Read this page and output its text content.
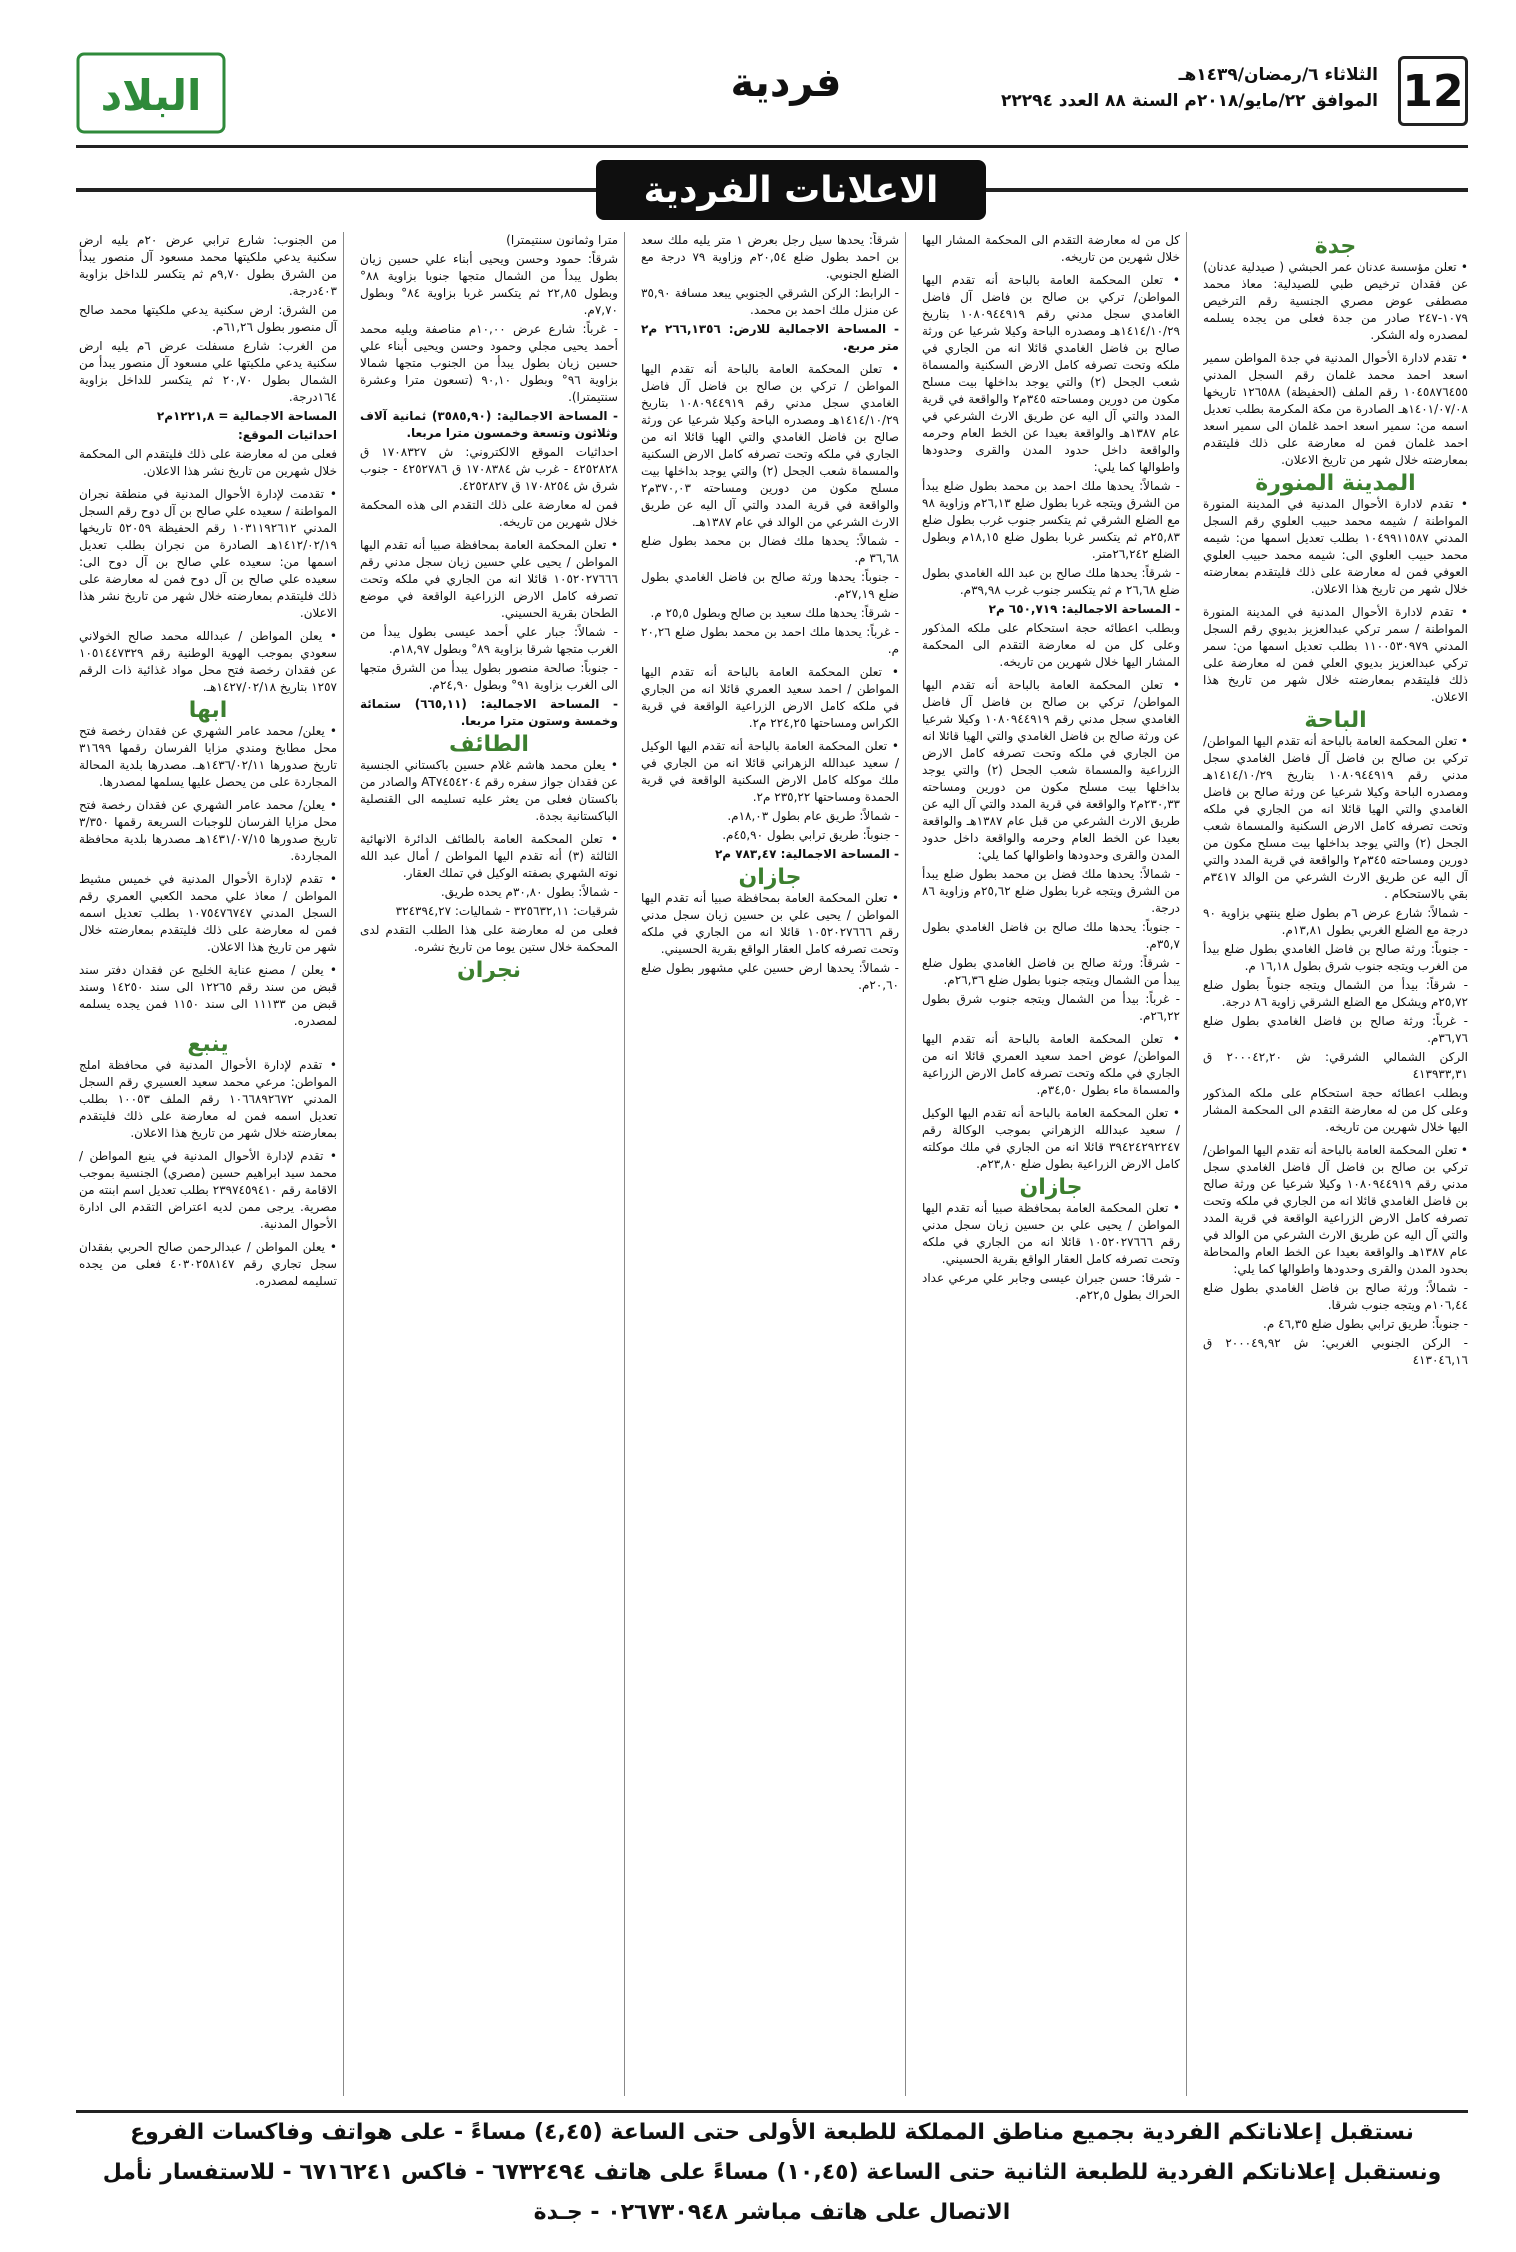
12
الثلاثاء ٦/رمضان/١٤٣٩هـ
الموافق ٢٢/مايو/٢٠١٨م السنة ٨٨ العدد ٢٢٢٩٤
فردية
البلاد
الاعلانات الفردية
جدة

• تعلن مؤسسة عدنان عمر الحبشي ( صيدلية عدنان) عن فقدان ترخيص طبي للصيدلية: معاذ محمد مصطفى عوض مصري الجنسية رقم الترخيص ١٠٧٩-٢٤٧ صادر من جدة فعلى من يجده يسلمه لمصدره وله الشكر.

• تقدم لادارة الأحوال المدنية في جدة المواطن سمير اسعد احمد محمد غلمان رقم السجل المدني ١٠٤٥٨٧٦٤٥٥ رقم الملف (الحفيظة) ١٢٦٥٨٨ تاريخها ١٤٠١/٠٧/٠٨هـ الصادرة من مكة المكرمة بطلب تعديل اسمه من: سمير اسعد احمد غلمان الى سمير اسعد احمد غلمان فمن له معارضة على ذلك فليتقدم بمعارضته خلال شهر من تاريخ الاعلان.

المدينة المنورة

• تقدم لادارة الأحوال المدنية في المدينة المنورة المواطنة / شيمه محمد حبيب العلوي رقم السجل المدني ١٠٤٩٩١١٥٨٧ بطلب تعديل اسمها من: شيمه محمد حبيب العلوي الى: شيمه محمد حبيب العلوي العوفي فمن له معارضة على ذلك فليتقدم بمعارضته خلال شهر من تاريخ هذا الاعلان.

• تقدم لادارة الأحوال المدنية في المدينة المنورة المواطنة / سمر تركي عبدالعزيز بديوي رقم السجل المدني ١١٠٠٥٣٠٩٧٩ بطلب تعديل اسمها من: سمر تركي عبدالعزيز بديوي العلي فمن له معارضة على ذلك فليتقدم بمعارضته خلال شهر من تاريخ هذا الاعلان.

الباحة

• تعلن المحكمة العامة بالباحة أنه تقدم اليها المواطن/ تركي بن صالح بن فاضل آل فاضل الغامدي سجل مدني رقم ١٠٨٠٩٤٤٩١٩ بتاريخ ١٤١٤/١٠/٢٩هـ ومصدره الباحة وكيلا شرعيا عن ورثة صالح بن فاضل الغامدي والتي الهيا قائلا انه من الجاري في ملكه وتحت تصرفه كامل الارض السكنية والمسماة شعب الجحل (٢) والتي يوجد بداخلها بيت مسلح مكون من دورين ومساحته ٣٤٥م٢ والواقعة في قرية المدد والتي آل اليه عن طريق الارث الشرعي من الوالد ٣٤١٧م بقي بالاستحكام .

- شمالاً: شارع عرض ٦م بطول ضلع ينتهي بزاوية ٩٠ درجة مع الضلع الغربي بطول ١٣,٨١م.

- جنوباً: ورثة صالح بن فاضل الغامدي بطول ضلع بيدأ من الغرب ويتجه جنوب شرق بطول ١٦,١٨ م.

- شرقاً: بيدأ من الشمال ويتجه جنوباً بطول ضلع ٢٥,٧٢م ويشكل مع الضلع الشرقي زاوية ٨٦ درجة.

- غرباً: ورثة صالح بن فاضل الغامدي بطول ضلع ٣٦,٧٦م.

الركن الشمالي الشرقي: ش ٢٠٠٠٤٢,٢٠ ق ٤١٣٩٣٣,٣١

وبطلب اعطائه حجة استحكام على ملكه المذكور وعلى كل من له معارضة التقدم الى المحكمة المشار اليها خلال شهرين من تاريخه.

• تعلن المحكمة العامة بالباحة أنه تقدم اليها المواطن/ تركي بن صالح بن فاضل آل فاضل الغامدي سجل مدني رقم ١٠٨٠٩٤٤٩١٩ وكيلا شرعيا عن ورثة صالح بن فاضل الغامدي قائلا انه من الجاري في ملكه وتحت تصرفه كامل الارض الزراعية الواقعة في قرية المدد والتي آل اليه عن طريق الارث الشرعي من الوالد في عام ١٣٨٧هـ والواقعة بعيدا عن الخط العام والمحاطة بحدود المدن والقرى وحدودها واطوالها كما يلي:

- شمالاً: ورثة صالح بن فاضل الغامدي بطول ضلع ١٠٦,٤٤م ويتجه جنوب شرقا.

- جنوباً: طريق ترابي بطول ضلع ٤٦,٣٥ م.

- الركن الجنوبي الغربي: ش ٢٠٠٠٤٩,٩٢ ق ٤١٣٠٤٦,١٦

كل من له معارضة التقدم الى المحكمة المشار اليها خلال شهرين من تاريخه.

• تعلن المحكمة العامة بالباحة أنه تقدم اليها المواطن/ تركي بن صالح بن فاضل آل فاضل الغامدي سجل مدني رقم ١٠٨٠٩٤٤٩١٩ بتاريخ ١٤١٤/١٠/٢٩هـ ومصدره الباحة وكيلا شرعيا عن ورثة صالح بن فاضل الغامدي قائلا انه من الجاري في ملكه وتحت تصرفه كامل الارض السكنية والمسماة شعب الجحل (٢) والتي يوجد بداخلها بيت مسلح مكون من دورين ومساحته ٣٤٥م٢ والواقعة في قرية المدد والتي آل اليه عن طريق الارث الشرعي في عام ١٣٨٧هـ والواقعة بعيدا عن الخط العام وحرمه والواقعة داخل حدود المدن والقرى وحدودها واطوالها كما يلي:

- شمالاً: يحدها ملك احمد بن محمد بطول ضلع يبدأ من الشرق ويتجه غربا بطول ضلع ٢٦,١٣م وزاوية ٩٨ مع الضلع الشرقي ثم يتكسر جنوب غرب بطول ضلع ٢٥,٨٣م ثم يتكسر غربا بطول ضلع ١٨,١٥م وبطول الضلع ٢٦,٢٤٢متر.

- شرقاً: يحدها ملك صالح بن عبد الله الغامدي بطول ضلع ٢٦,٦٨ م ثم يتكسر جنوب غرب ٣٩,٩٨م.

- المساحة الاجمالية: ٦٥٠,٧١٩ م٢

وبطلب اعطائه حجة استحكام على ملكه المذكور وعلى كل من له معارضة التقدم الى المحكمة المشار اليها خلال شهرين من تاريخه.

• تعلن المحكمة العامة بالباحة أنه تقدم اليها المواطن/ تركي بن صالح بن فاضل آل فاضل الغامدي سجل مدني رقم ١٠٨٠٩٤٤٩١٩ وكيلا شرعيا عن ورثة صالح بن فاضل الغامدي والتي الهيا قائلا انه من الجاري في ملكه وتحت تصرفه كامل الارض الزراعية والمسماة شعب الجحل (٢) والتي يوجد بداخلها بيت مسلح مكون من دورين ومساحته ٢٣٠,٣٣م٢ والواقعة في قرية المدد والتي آل اليه عن طريق الارث الشرعي من قبل عام ١٣٨٧هـ والواقعة بعيدا عن الخط العام وحرمه والواقعة داخل حدود المدن والقرى وحدودها واطوالها كما يلي:

- شمالاً: يحدها ملك فضل بن محمد بطول ضلع يبدأ من الشرق ويتجه غربا بطول ضلع ٢٥,٦٢م وزاوية ٨٦ درجة.

- جنوباً: يحدها ملك صالح بن فاضل الغامدي بطول ٣٥,٧م.

- شرقاً: ورثة صالح بن فاضل الغامدي بطول ضلع يبدأ من الشمال ويتجه جنوبا بطول ضلع ٢٦,٣٦م.

- غرباً: بيدأ من الشمال ويتجه جنوب شرق بطول ٢٦,٢٢م.

• تعلن المحكمة العامة بالباحة أنه تقدم اليها المواطن/ عوض احمد سعيد العمري قائلا انه من الجاري في ملكه وتحت تصرفه كامل الارض الزراعية والمسماة ماء بطول ٣٤,٥٠م.

• تعلن المحكمة العامة بالباحة أنه تقدم اليها الوكيل / سعيد عبدالله الزهراني بموجب الوكالة رقم ٣٩٤٢٤٢٩٢٢٤٧ قائلا انه من الجاري في ملك موكلته كامل الارض الزراعية بطول ضلع ٢٣,٨٠م.

جازان

• تعلن المحكمة العامة بمحافظة صبيا أنه تقدم اليها المواطن / يحيى علي بن حسين زيان سجل مدني رقم ١٠٥٢٠٢٧٦٦٦ قائلا انه من الجاري في ملكه وتحت تصرفه كامل العقار الواقع بقرية الحسيني.

- شرقا: حسن جبران عيسى وجابر علي مرعي عداد الحراك بطول ٢٢,٥م.

شرقاً: يحدها سيل رجل بعرض ١ متر يليه ملك سعد بن احمد بطول ضلع ٢٠,٥٤م وزاوية ٧٩ درجة مع الضلع الجنوبي.

- الرابط: الركن الشرقي الجنوبي يبعد مسافة ٣٥,٩٠ عن منزل ملك احمد بن محمد.

- المساحة الاجمالية للارض: ٢٦٦,١٣٥٦ م٢ متر مربع.

• تعلن المحكمة العامة بالباحة أنه تقدم اليها المواطن / تركي بن صالح بن فاضل آل فاضل الغامدي سجل مدني رقم ١٠٨٠٩٤٤٩١٩ بتاريخ ١٤١٤/١٠/٢٩هـ ومصدره الباحة وكيلا شرعيا عن ورثة صالح بن فاضل الغامدي والتي الهيا قائلا انه من الجاري في ملكه وتحت تصرفه كامل الارض السكنية والمسماة شعب الجحل (٢) والتي يوجد بداخلها بيت مسلح مكون من دورين ومساحته ٣٧٠,٠٣م٢ والواقعة في قرية المدد والتي آل اليه عن طريق الارث الشرعي من الوالد في عام ١٣٨٧هـ.

- شمالاً: يحدها ملك فضال بن محمد بطول ضلع ٣٦,٦٨ م.

- جنوباً: يحدها ورثة صالح بن فاضل الغامدي بطول ضلع ٢٧,١٩م.

- شرقاً: يحدها ملك سعيد بن صالح وبطول ٢٥,٥ م.

- غرباً: يحدها ملك احمد بن محمد بطول ضلع ٢٠,٢٦ م.

• تعلن المحكمة العامة بالباحة أنه تقدم اليها المواطن / احمد سعيد العمري قائلا انه من الجاري في ملكه كامل الارض الزراعية الواقعة في قرية الكراس ومساحتها ٢٢٤,٢٥ م٢.

• تعلن المحكمة العامة بالباحة أنه تقدم اليها الوكيل / سعيد عبدالله الزهراني قائلا انه من الجاري في ملك موكله كامل الارض السكنية الواقعة في قرية الحمدة ومساحتها ٢٣٥,٢٢ م٢.

- شمالاً: طريق عام بطول ١٨,٠٣م.

- جنوباً: طريق ترابي بطول ٤٥,٩٠م.

- المساحة الاجمالية: ٧٨٣,٤٧ م٢

جازان

• تعلن المحكمة العامة بمحافظة صبيا أنه تقدم اليها المواطن / يحيى علي بن حسين زيان سجل مدني رقم ١٠٥٢٠٢٧٦٦٦ قائلا انه من الجاري في ملكه وتحت تصرفه كامل العقار الواقع بقرية الحسيني.

- شمالاً: يحدها ارض حسين علي مشهور بطول ضلع ٢٠,٦٠م.

مترا وثمانون سنتيمترا)

شرقاً: حمود وحسن ويحيى أبناء علي حسين زيان بطول يبدأ من الشمال متجها جنوبا بزاوية ٨٨° وبطول ٢٢,٨٥ ثم يتكسر غربا بزاوية ٨٤° وبطول ٧,٧٠م.

- غرباً: شارع عرض ١٠,٠٠م مناصفة ويليه محمد أحمد يحيى مجلي وحمود وحسن ويحيى أبناء علي حسين زيان بطول يبدأ من الجنوب متجها شمالا بزاوية ٩٦° وبطول ٩٠,١٠ (تسعون مترا وعشرة سنتيمترا).

- المساحة الاجمالية: (٣٥٨٥,٩٠) ثمانية آلاف وثلاثون وتسعة وخمسون مترا مربعا.

احداثيات الموقع الالكتروني: ش ١٧٠٨٣٢٧ ق ٤٢٥٢٨٢٨ - غرب ش ١٧٠٨٣٨٤ ق ٤٢٥٢٧٨٦ - جنوب شرق ش ١٧٠٨٢٥٤ ق ٤٢٥٢٨٢٧.

فمن له معارضة على ذلك التقدم الى هذه المحكمة خلال شهرين من تاريخه.

• تعلن المحكمة العامة بمحافظة صبيا أنه تقدم اليها المواطن / يحيى علي حسين زيان سجل مدني رقم ١٠٥٢٠٢٧٦٦٦ قائلا انه من الجاري في ملكه وتحت تصرفه كامل الارض الزراعية الواقعة في موضع الطحان بقرية الحسيني.

- شمالاً: جبار علي أحمد عيسى بطول يبدأ من الغرب متجها شرقا بزاوية ٨٩° وبطول ١٨,٩٧م.

- جنوباً: صالحة منصور بطول يبدأ من الشرق متجها الى الغرب بزاوية ٩١° وبطول ٢٤,٩٠م.

- المساحة الاجمالية: (٦٦٥,١١) ستمائة وخمسة وستون مترا مربعا.

الطائف

• يعلن محمد هاشم غلام حسين باكستاني الجنسية عن فقدان جواز سفره رقم AT٧٤٥٤٢٠٤ والصادر من باكستان فعلى من يعثر عليه تسليمه الى القنصلية الباكستانية بجدة.

• تعلن المحكمة العامة بالطائف الدائرة الانهائية الثالثة (٣) أنه تقدم اليها المواطن / أمال عبد الله نوته الشهري بصفته الوكيل في تملك العقار.

- شمالاً: بطول ٣٠,٨٠م يحده طريق.

شرقيات: ٣٢٥٦٣٢,١١ - شماليات: ٣٢٤٣٩٤,٢٧

فعلى من له معارضة على هذا الطلب التقدم لدى المحكمة خلال ستين يوما من تاريخ نشره.

نجران

من الجنوب: شارع ترابي عرض ٢٠م يليه ارض سكنية يدعي ملكيتها محمد مسعود آل منصور يبدأ من الشرق بطول ٩,٧٠م ثم يتكسر للداخل بزاوية ٤٠٣درجة.

من الشرق: ارض سكنية يدعي ملكيتها محمد صالح آل منصور بطول ٦١,٢٦م.

من الغرب: شارع مسفلت عرض ٦م يليه ارض سكنية يدعي ملكيتها علي مسعود آل منصور يبدأ من الشمال بطول ٢٠,٧٠ ثم يتكسر للداخل بزاوية ١٦٤درجة.

المساحة الاجمالية = ١٢٢١,٨م٢

احداثيات الموقع:

فعلى من له معارضة على ذلك فليتقدم الى المحكمة خلال شهرين من تاريخ نشر هذا الاعلان.

• تقدمت لإدارة الأحوال المدنية في منطقة نجران المواطنة / سعيده علي صالح بن آل دوح رقم السجل المدني ١٠٣١١٩٢٦١٢ رقم الحفيظة ٥٢٠٥٩ تاريخها ١٤١٢/٠٢/١٩هـ الصادرة من نجران بطلب تعديل اسمها من: سعيده علي صالح بن آل دوح الى: سعيده علي صالح بن آل دوح فمن له معارضة على ذلك فليتقدم بمعارضته خلال شهر من تاريخ نشر هذا الاعلان.

• يعلن المواطن / عبدالله محمد صالح الخولاني سعودي بموجب الهوية الوطنية رقم ١٠٥١٤٤٧٣٢٩ عن فقدان رخصة فتح محل مواد غذائية ذات الرقم ١٢٥٧ بتاريخ ١٤٢٧/٠٢/١٨هـ.

ابها

• يعلن/ محمد عامر الشهري عن فقدان رخصة فتح محل مطابخ ومندي مزايا الفرسان رقمها ٣١٦٩٩ تاريخ صدورها ١٤٣٦/٠٢/١١هـ. مصدرها بلدية المحالة المجاردة على من يحصل عليها يسلمها لمصدرها.

• يعلن/ محمد عامر الشهري عن فقدان رخصة فتح محل مزايا الفرسان للوجبات السريعة رقمها ٣/٣٥٠ تاريخ صدورها ١٤٣١/٠٧/١٥هـ مصدرها بلدية محافظة المجاردة.

• تقدم لإدارة الأحوال المدنية في خميس مشيط المواطن / معاذ علي محمد الكعبي العمري رقم السجل المدني ١٠٧٥٤٧٦٧٤٧ بطلب تعديل اسمه فمن له معارضة على ذلك فليتقدم بمعارضته خلال شهر من تاريخ هذا الاعلان.

• يعلن / مصنع عناية الخليج عن فقدان دفتر سند قبض من سند رقم ١٢٢٦٥ الى سند ١٤٢٥٠ وسند قبض من ١١١٣٣ الى سند ١١٥٠ فمن يجده يسلمه لمصدره.

ينبع

• تقدم لإدارة الأحوال المدنية في محافظة املج المواطن: مرعي محمد سعيد العسيري رقم السجل المدني ١٠٦٦٨٩٢٦٧٢ رقم الملف ١٠٠٥٣ بطلب تعديل اسمه فمن له معارضة على ذلك فليتقدم بمعارضته خلال شهر من تاريخ هذا الاعلان.

• تقدم لإدارة الأحوال المدنية في ينبع المواطن / محمد سيد ابراهيم حسين (مصري) الجنسية بموجب الاقامة رقم ٢٣٩٧٤٥٩٤١٠ بطلب تعديل اسم ابنته من مصرية. يرجى ممن لديه اعتراض التقدم الى ادارة الأحوال المدنية.

• يعلن المواطن / عبدالرحمن صالح الحربي بفقدان سجل تجاري رقم ٤٠٣٠٢٥٨١٤٧ فعلى من يجده تسليمه لمصدره.

نستقبل إعلاناتكم الفردية بجميع مناطق المملكة للطبعة الأولى حتى الساعة (٤,٤٥) مساءً - على هواتف وفاكسات الفروع
ونستقبل إعلاناتكم الفردية للطبعة الثانية حتى الساعة (١٠,٤٥) مساءً على هاتف ٦٧٣٢٤٩٤ - فاكس ٦٧١٦٢٤١ - للاستفسار نأمل الاتصال على هاتف مباشر ٠٢٦٧٣٠٩٤٨ - جـدة
